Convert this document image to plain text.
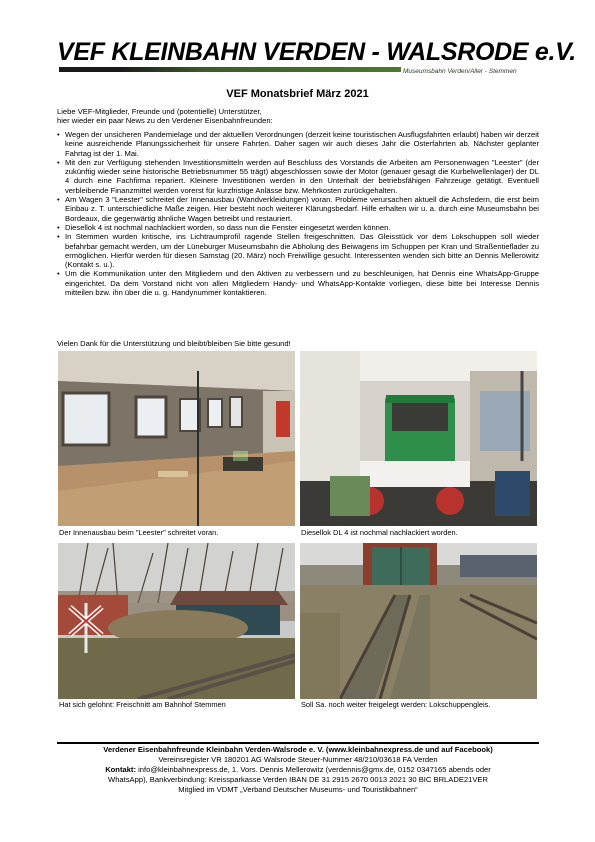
VEF KLEINBAHN VERDEN - WALSRODE e.V.
Museumsbahn Verden/Aller - Stemmen
VEF Monatsbrief März 2021
Liebe VEF-Mitglieder, Freunde und (potentielle) Unterstützer,
hier wieder ein paar News zu den Verdener Eisenbahnfreunden:
• Wegen der unsicheren Pandemielage und der aktuellen Verordnungen (derzeit keine touristischen Ausflugsfahrten erlaubt) haben wir derzeit keine ausreichende Planungssicherheit für unsere Fahrten. Daher sagen wir auch dieses Jahr die Osterfahrten ab. Nächster geplanter Fahrtag ist der 1. Mai.
• Mit den zur Verfügung stehenden Investitionsmitteln werden auf Beschluss des Vorstands die Arbeiten am Personenwagen "Leester" (der zukünftig wieder seine historische Betriebsnummer 55 trägt) abgeschlossen sowie der Motor (genauer gesagt die Kurbelwellenlager) der DL 4 durch eine Fachfirma repariert. Kleinere Investitionen werden in den Unterhalt der betriebsfähigen Fahrzeuge getätigt. Eventuell verbleibende Finanzmittel werden vorerst für kurzfristige Anlässe bzw. Mehrkosten zurückgehalten.
• Am Wagen 3 "Leester" schreitet der Innenausbau (Wandverkleidungen) voran. Probleme verursachen aktuell die Achsfedern, die erst beim Einbau z. T. unterschiedliche Maße zeigen. Hier besteht noch weiterer Klärungsbedarf. Hilfe erhalten wir u. a. durch eine Museumsbahn bei Bordeaux, die gegenwärtig ähnliche Wagen betreibt und restauriert.
• Diesellok 4 ist nochmal nachlackiert worden, so dass nun die Fenster eingesetzt werden können.
• In Stemmen wurden kritische, ins Lichtraumprofil ragende Stellen freigeschnitten. Das Gleisstück vor dem Lokschuppen soll wieder befahrbar gemacht werden, um der Lüneburger Museumsbahn die Abholung des Beiwagens im Schuppen per Kran und Straßentieflader zu ermöglichen. Hierfür werden für diesen Samstag (20. März) noch Freiwillige gesucht. Interessenten wenden sich bitte an Dennis Mellerowitz (Kontakt s. u.).
• Um die Kommunikation unter den Mitgliedern und den Aktiven zu verbessern und zu beschleunigen, hat Dennis eine WhatsApp-Gruppe eingerichtet. Da dem Vorstand nicht von allen Mitgliedern Handy- und WhatsApp-Kontakte vorliegen, diese bitte bei Interesse Dennis mitteilen bzw. ihn über die u. g. Handynummer kontaktieren.
Vielen Dank für die Unterstützung und bleibt/bleiben Sie bitte gesund!
Der Innenausbau beim "Leester" schreitet voran.	Diesellok DL 4 ist nochmal nachlackiert worden.
Hat sich gelohnt: Freischnitt am Bahnhof Stemmen	Soll Sa. noch weiter freigelegt werden: Lokschuppengleis.
Verdener Eisenbahnfreunde Kleinbahn Verden-Walsrode e. V. (www.kleinbahnexpress.de und auf Facebook)
Vereinsregister VR 180201 AG Walsrode Steuer-Nummer 48/210/03618 FA Verden
Kontakt: info@kleinbahnexpress.de, 1. Vors. Dennis Mellerowitz (verdennis@gmx.de, 0152 0347165 abends oder
WhatsApp), Bankverbindung: Kreissparkasse Verden IBAN DE 31 2915 2670 0013 2021 30 BIC BRLADE21VER
Mitglied im VDMT „Verband Deutscher Museums- und Touristikbahnen“
